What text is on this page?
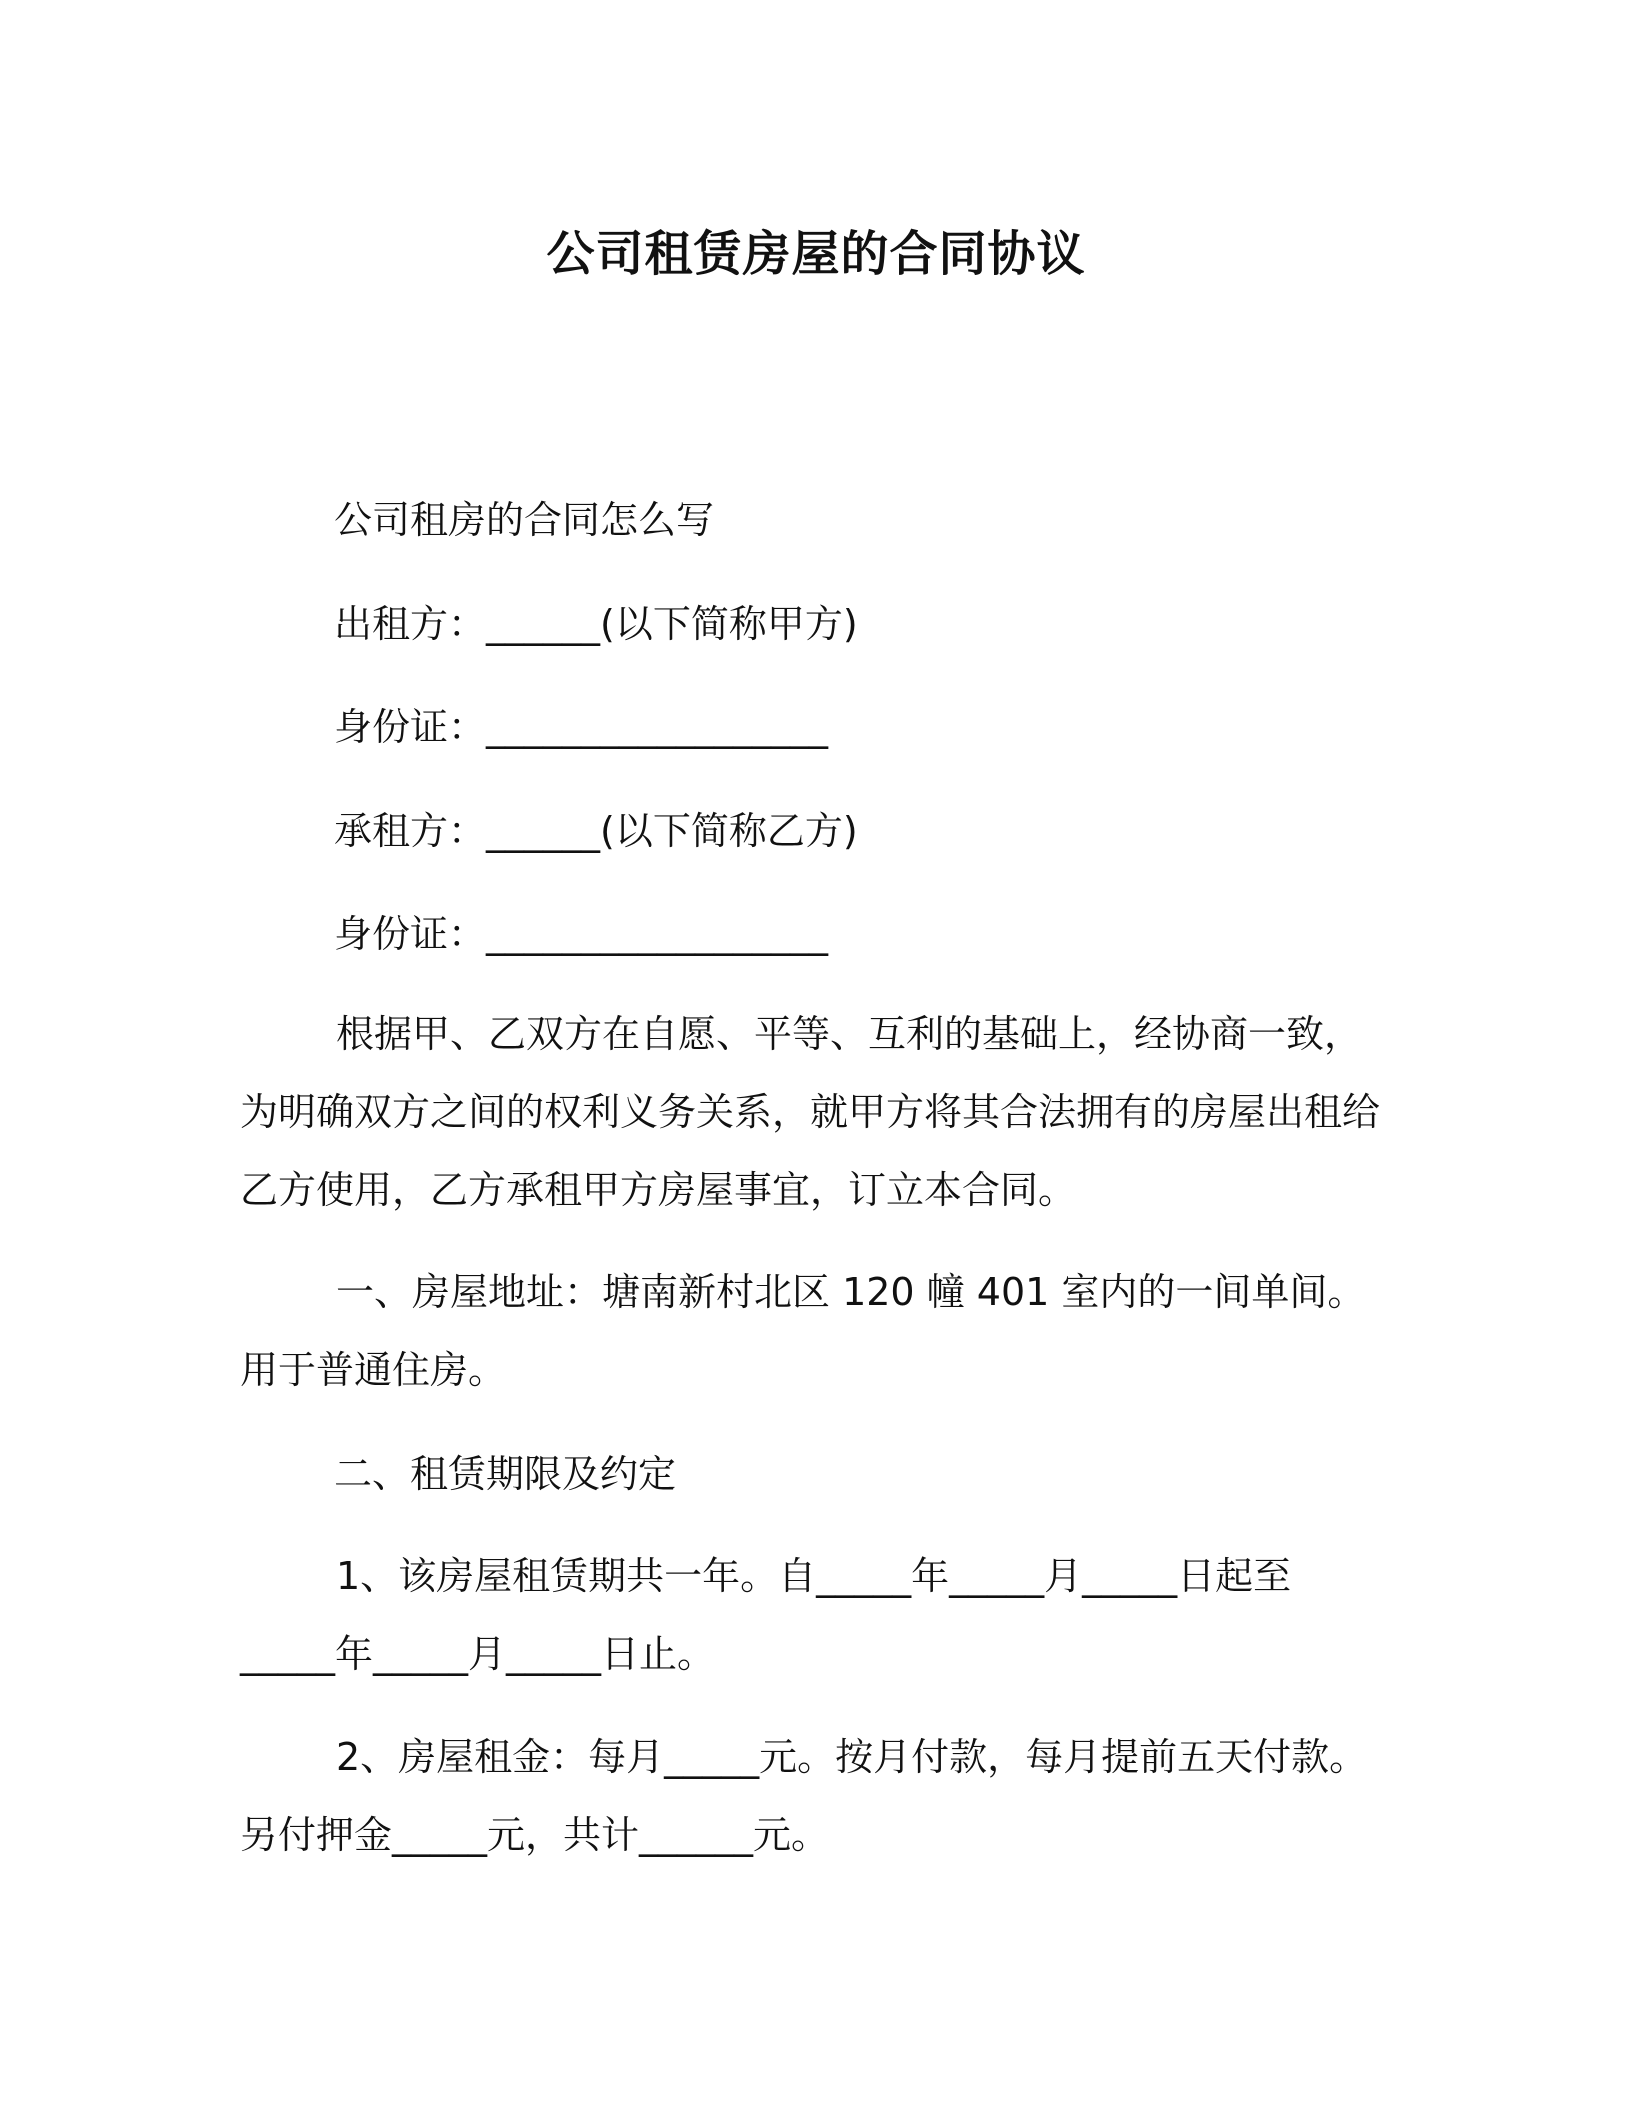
公司租赁房屋的合同协议
公司租房的合同怎么写
出租方：______(以下简称甲方)
身份证：__________________
承租方：______(以下简称乙方)
身份证：__________________
根据甲、乙双方在自愿、平等、互利的基础上，经协商一致，为明确双方之间的权利义务关系，就甲方将其合法拥有的房屋出租给乙方使用，乙方承租甲方房屋事宜，订立本合同。
一、房屋地址：塘南新村北区 120 幢 401 室内的一间单间。用于普通住房。
二、租赁期限及约定
1、该房屋租赁期共一年。自_____年_____月_____日起至_____年_____月_____日止。
2、房屋租金：每月_____元。按月付款，每月提前五天付款。另付押金_____元，共计______元。
